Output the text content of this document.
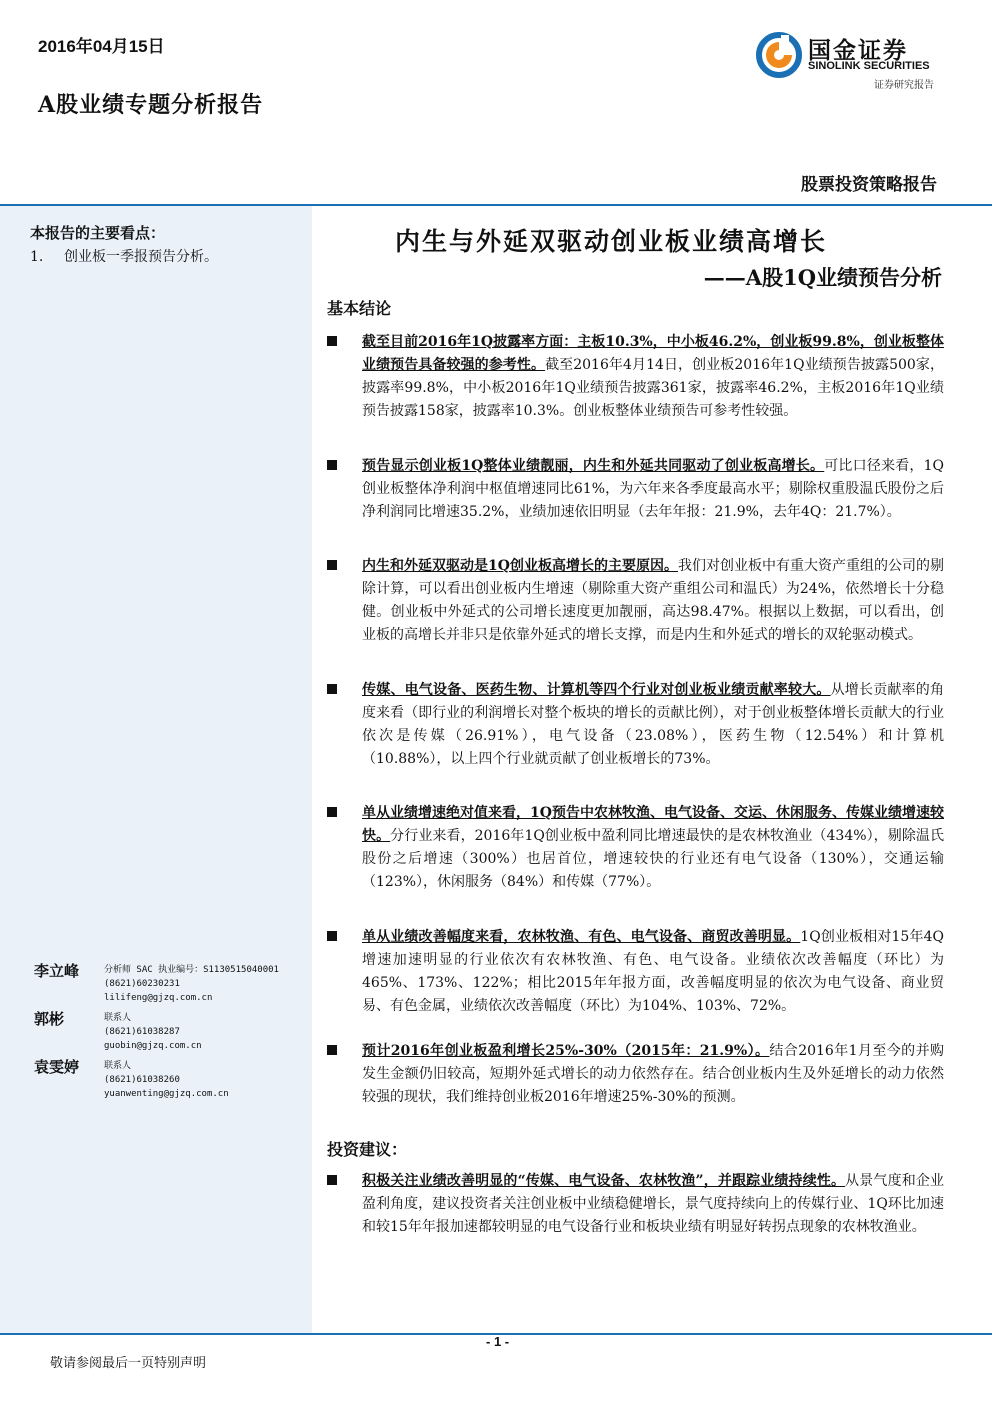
2016年04月15日
A股业绩专题分析报告
国金证券
SINOLINK SECURITIES
证券研究报告
股票投资策略报告
本报告的主要看点：
1. 创业板一季报预告分析。
李立峰	分析师 SAC 执业编号：S1130515040001
(8621)60230231
lilifeng@gjzq.com.cn
郭彬	联系人
(8621)61038287
guobin@gjzq.com.cn
袁雯婷	联系人
(8621)61038260
yuanwenting@gjzq.com.cn
内生与外延双驱动创业板业绩高增长
——A股1Q业绩预告分析
基本结论
截至目前2016年1Q披露率方面：主板10.3%，中小板46.2%，创业板99.8%，创业板整体业绩预告具备较强的参考性。截至2016年4月14日，创业板2016年1Q业绩预告披露500家，披露率99.8%，中小板2016年1Q业绩预告披露361家，披露率46.2%，主板2016年1Q业绩预告披露158家，披露率10.3%。创业板整体业绩预告可参考性较强。
预告显示创业板1Q整体业绩靓丽，内生和外延共同驱动了创业板高增长。可比口径来看，1Q创业板整体净利润中枢值增速同比61%，为六年来各季度最高水平；剔除权重股温氏股份之后净利润同比增速35.2%，业绩加速依旧明显（去年年报：21.9%，去年4Q：21.7%）。
内生和外延双驱动是1Q创业板高增长的主要原因。我们对创业板中有重大资产重组的公司的剔除计算，可以看出创业板内生增速（剔除重大资产重组公司和温氏）为24%，依然增长十分稳健。创业板中外延式的公司增长速度更加靓丽，高达98.47%。根据以上数据，可以看出，创业板的高增长并非只是依靠外延式的增长支撑，而是内生和外延式的增长的双轮驱动模式。
传媒、电气设备、医药生物、计算机等四个行业对创业板业绩贡献率较大。从增长贡献率的角度来看（即行业的利润增长对整个板块的增长的贡献比例），对于创业板整体增长贡献大的行业依次是传媒（26.91%），电气设备（23.08%），医药生物（12.54%）和计算机（10.88%），以上四个行业就贡献了创业板增长的73%。
单从业绩增速绝对值来看，1Q预告中农林牧渔、电气设备、交运、休闲服务、传媒业绩增速较快。分行业来看，2016年1Q创业板中盈利同比增速最快的是农林牧渔业（434%），剔除温氏股份之后增速（300%）也居首位，增速较快的行业还有电气设备（130%），交通运输（123%），休闲服务（84%）和传媒（77%）。
单从业绩改善幅度来看，农林牧渔、有色、电气设备、商贸改善明显。1Q创业板相对15年4Q增速加速明显的行业依次有农林牧渔、有色、电气设备。业绩依次改善幅度（环比）为465%、173%、122%；相比2015年年报方面，改善幅度明显的依次为电气设备、商业贸易、有色金属，业绩依次改善幅度（环比）为104%、103%、72%。
预计2016年创业板盈利增长25%-30%（2015年：21.9%）。结合2016年1月至今的并购发生金额仍旧较高，短期外延式增长的动力依然存在。结合创业板内生及外延增长的动力依然较强的现状，我们维持创业板2016年增速25%-30%的预测。
投资建议：
积极关注业绩改善明显的“传媒、电气设备、农林牧渔”，并跟踪业绩持续性。从景气度和企业盈利角度，建议投资者关注创业板中业绩稳健增长，景气度持续向上的传媒行业、1Q环比加速和较15年年报加速都较明显的电气设备行业和板块业绩有明显好转拐点现象的农林牧渔业。
- 1 -
敬请参阅最后一页特别声明
